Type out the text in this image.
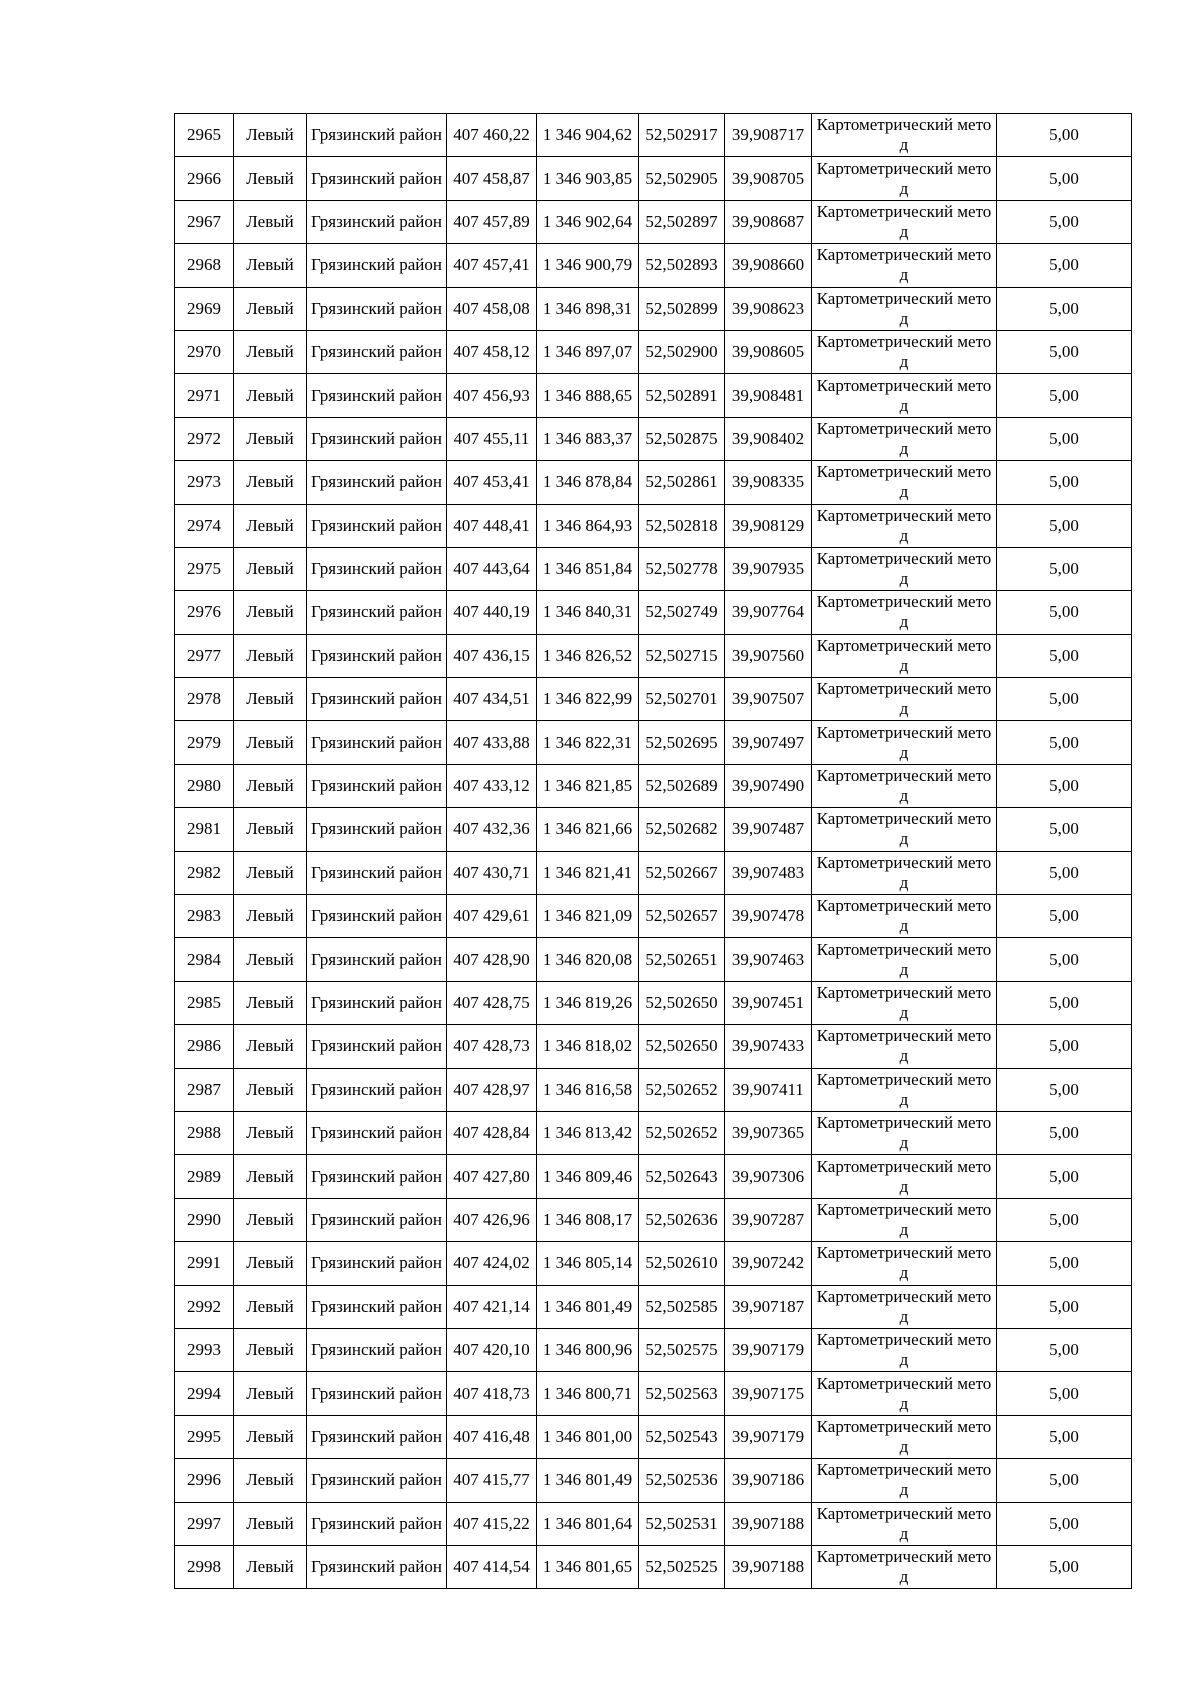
2965	Левый	Грязинский район	407 460,22	1 346 904,62	52,502917	39,908717	Картометрический метод	5,00
2966	Левый	Грязинский район	407 458,87	1 346 903,85	52,502905	39,908705	Картометрический метод	5,00
2967	Левый	Грязинский район	407 457,89	1 346 902,64	52,502897	39,908687	Картометрический метод	5,00
2968	Левый	Грязинский район	407 457,41	1 346 900,79	52,502893	39,908660	Картометрический метод	5,00
2969	Левый	Грязинский район	407 458,08	1 346 898,31	52,502899	39,908623	Картометрический метод	5,00
2970	Левый	Грязинский район	407 458,12	1 346 897,07	52,502900	39,908605	Картометрический метод	5,00
2971	Левый	Грязинский район	407 456,93	1 346 888,65	52,502891	39,908481	Картометрический метод	5,00
2972	Левый	Грязинский район	407 455,11	1 346 883,37	52,502875	39,908402	Картометрический метод	5,00
2973	Левый	Грязинский район	407 453,41	1 346 878,84	52,502861	39,908335	Картометрический метод	5,00
2974	Левый	Грязинский район	407 448,41	1 346 864,93	52,502818	39,908129	Картометрический метод	5,00
2975	Левый	Грязинский район	407 443,64	1 346 851,84	52,502778	39,907935	Картометрический метод	5,00
2976	Левый	Грязинский район	407 440,19	1 346 840,31	52,502749	39,907764	Картометрический метод	5,00
2977	Левый	Грязинский район	407 436,15	1 346 826,52	52,502715	39,907560	Картометрический метод	5,00
2978	Левый	Грязинский район	407 434,51	1 346 822,99	52,502701	39,907507	Картометрический метод	5,00
2979	Левый	Грязинский район	407 433,88	1 346 822,31	52,502695	39,907497	Картометрический метод	5,00
2980	Левый	Грязинский район	407 433,12	1 346 821,85	52,502689	39,907490	Картометрический метод	5,00
2981	Левый	Грязинский район	407 432,36	1 346 821,66	52,502682	39,907487	Картометрический метод	5,00
2982	Левый	Грязинский район	407 430,71	1 346 821,41	52,502667	39,907483	Картометрический метод	5,00
2983	Левый	Грязинский район	407 429,61	1 346 821,09	52,502657	39,907478	Картометрический метод	5,00
2984	Левый	Грязинский район	407 428,90	1 346 820,08	52,502651	39,907463	Картометрический метод	5,00
2985	Левый	Грязинский район	407 428,75	1 346 819,26	52,502650	39,907451	Картометрический метод	5,00
2986	Левый	Грязинский район	407 428,73	1 346 818,02	52,502650	39,907433	Картометрический метод	5,00
2987	Левый	Грязинский район	407 428,97	1 346 816,58	52,502652	39,907411	Картометрический метод	5,00
2988	Левый	Грязинский район	407 428,84	1 346 813,42	52,502652	39,907365	Картометрический метод	5,00
2989	Левый	Грязинский район	407 427,80	1 346 809,46	52,502643	39,907306	Картометрический метод	5,00
2990	Левый	Грязинский район	407 426,96	1 346 808,17	52,502636	39,907287	Картометрический метод	5,00
2991	Левый	Грязинский район	407 424,02	1 346 805,14	52,502610	39,907242	Картометрический метод	5,00
2992	Левый	Грязинский район	407 421,14	1 346 801,49	52,502585	39,907187	Картометрический метод	5,00
2993	Левый	Грязинский район	407 420,10	1 346 800,96	52,502575	39,907179	Картометрический метод	5,00
2994	Левый	Грязинский район	407 418,73	1 346 800,71	52,502563	39,907175	Картометрический метод	5,00
2995	Левый	Грязинский район	407 416,48	1 346 801,00	52,502543	39,907179	Картометрический метод	5,00
2996	Левый	Грязинский район	407 415,77	1 346 801,49	52,502536	39,907186	Картометрический метод	5,00
2997	Левый	Грязинский район	407 415,22	1 346 801,64	52,502531	39,907188	Картометрический метод	5,00
2998	Левый	Грязинский район	407 414,54	1 346 801,65	52,502525	39,907188	Картометрический метод	5,00
